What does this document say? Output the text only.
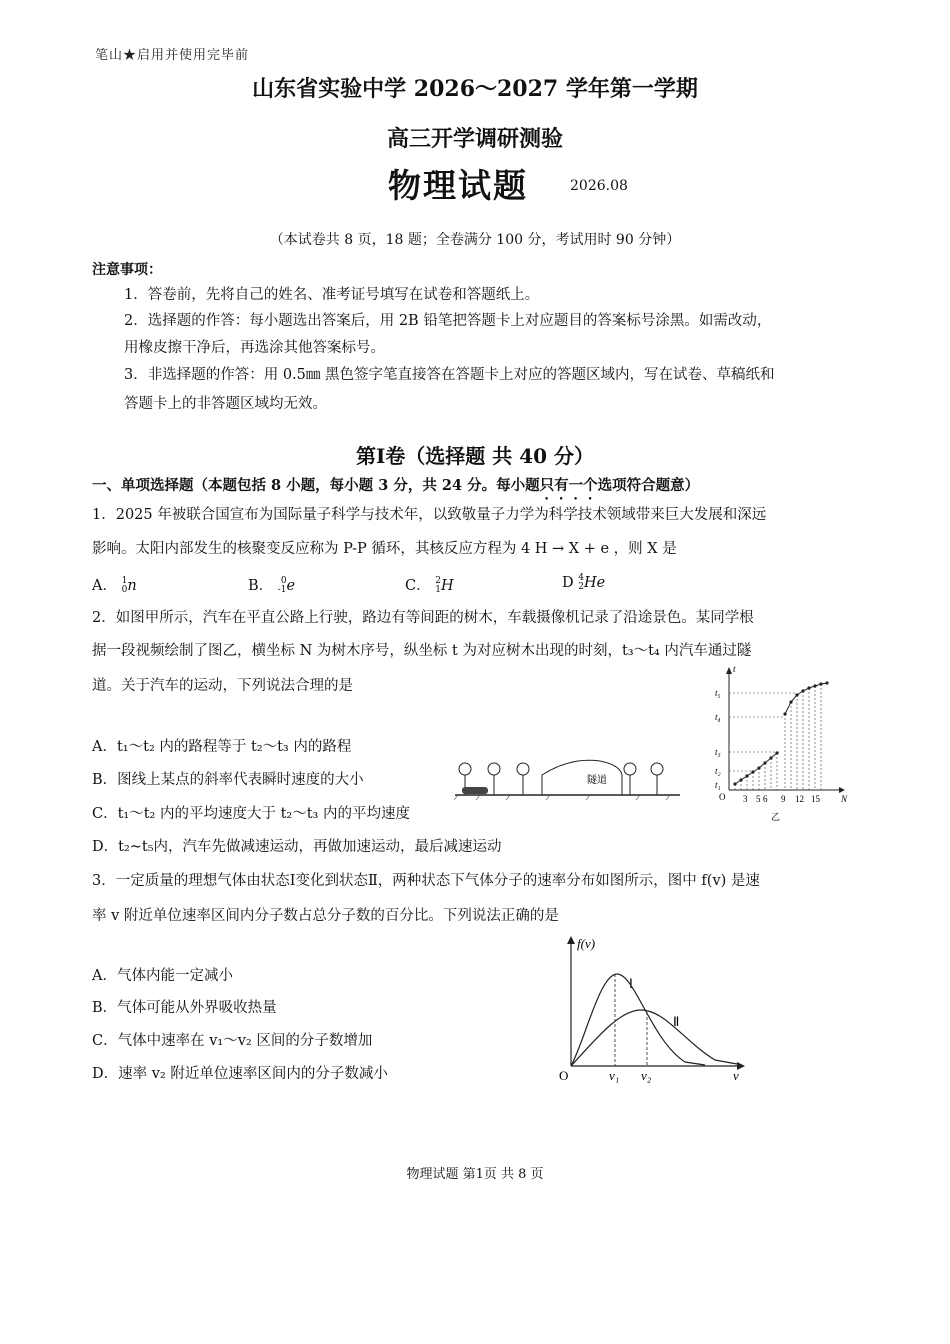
笔山★启用并使用完毕前
山东省实验中学 2026～2027 学年第一学期
高三开学调研测验
物理试题	2026.08
（本试卷共 8 页，18 题；全卷满分 100 分，考试用时 90 分钟）
注意事项：
1．答卷前，先将自己的姓名、准考证号填写在试卷和答题纸上。
2．选择题的作答：每小题选出答案后，用 2B 铅笔把答题卡上对应题目的答案标号涂黑。如需改动，
用橡皮擦干净后，再选涂其他答案标号。
3．非选择题的作答：用 0.5㎜ 黑色签字笔直接答在答题卡上对应的答题区域内，写在试卷、草稿纸和
答题卡上的非答题区域均无效。
第Ⅰ卷（选择题 共 40 分）
一、单项选择题（本题包括 8 小题，每小题 3 分，共 24 分。每小题只有一个选项符合题意）
1．2025 年被联合国宣布为国际量子科学与技术年，以致敬量子力学为科学技术领域带来巨大发展和深远
影响。太阳内部发生的核聚变反应称为 P-P 循环，其核反应方程为 4 H → X + e ，则 X 是
A． 1
0n	B． 0
-1e	C． 2
1H	D 4
2He
2．如图甲所示，汽车在平直公路上行驶，路边有等间距的树木，车载摄像机记录了沿途景色。某同学根
据一段视频绘制了图乙，横坐标 N 为树木序号，纵坐标 t 为对应树木出现的时刻，t₃～t₄ 内汽车通过隧
道。关于汽车的运动，下列说法合理的是
A．t₁～t₂ 内的路程等于 t₂～t₃ 内的路程
B．图线上某点的斜率代表瞬时速度的大小
C．t₁～t₂ 内的平均速度大于 t₂～t₃ 内的平均速度
D．t₂~t₅内，汽车先做减速运动，再做加速运动，最后减速运动
隧道
t
N
O
t₅
t₄
t₃
t₂
t₁
3 5 6 9 12 15
乙
3．一定质量的理想气体由状态Ⅰ变化到状态Ⅱ，两种状态下气体分子的速率分布如图所示，图中 f(v) 是速
率 v 附近单位速率区间内分子数占总分子数的百分比。下列说法正确的是
A．气体内能一定减小
B．气体可能从外界吸收热量
C．气体中速率在 v₁～v₂ 区间的分子数增加
D．速率 v₂ 附近单位速率区间内的分子数减小
f(v)
v
O	v₁ v₂
Ⅰ
Ⅱ
物理试题 第1页 共 8 页
